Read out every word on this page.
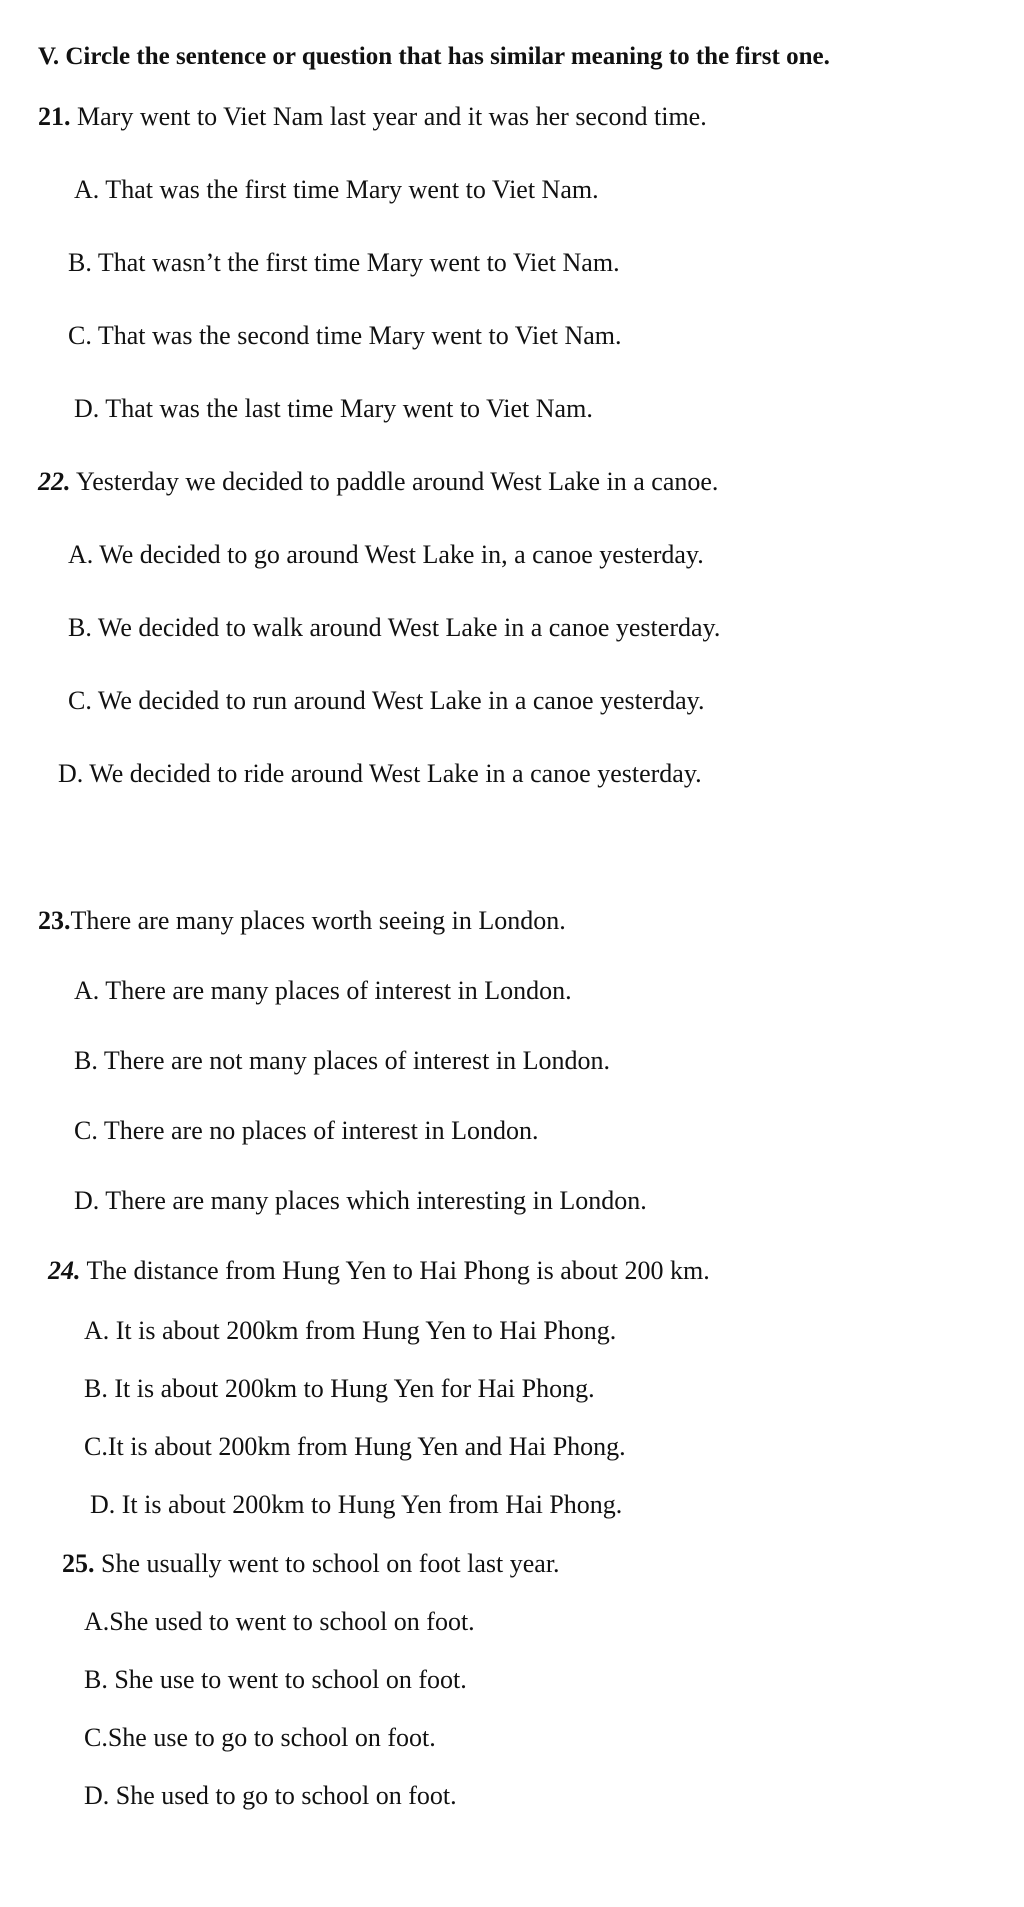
V. Circle the sentence or question that has similar meaning to the first one.
21. Mary went to Viet Nam last year and it was her second time.
A. That was the first time Mary went to Viet Nam.
B. That wasn’t the first time Mary went to Viet Nam.
C. That was the second time Mary went to Viet Nam.
D. That was the last time Mary went to Viet Nam.
22. Yesterday we decided to paddle around West Lake in a canoe.
A. We decided to go around West Lake in, a canoe yesterday.
B. We decided to walk around West Lake in a canoe yesterday.
C. We decided to run around West Lake in a canoe yesterday.
D. We decided to ride around West Lake in a canoe yesterday.
23.There are many places worth seeing in London.
A. There are many places of interest in London.
B. There are not many places of interest in London.
C. There are no places of interest in London.
D. There are many places which interesting in London.
24. The distance from Hung Yen to Hai Phong is about 200 km.
A. It is about 200km from Hung Yen to Hai Phong.
B. It is about 200km to Hung Yen for Hai Phong.
C.It is about 200km from Hung Yen and Hai Phong.
D. It is about 200km to Hung Yen from Hai Phong.
25. She usually went to school on foot last year.
A.She used to went to school on foot.
B. She use to went to school on foot.
C.She use to go to school on foot.
D. She used to go to school on foot.
